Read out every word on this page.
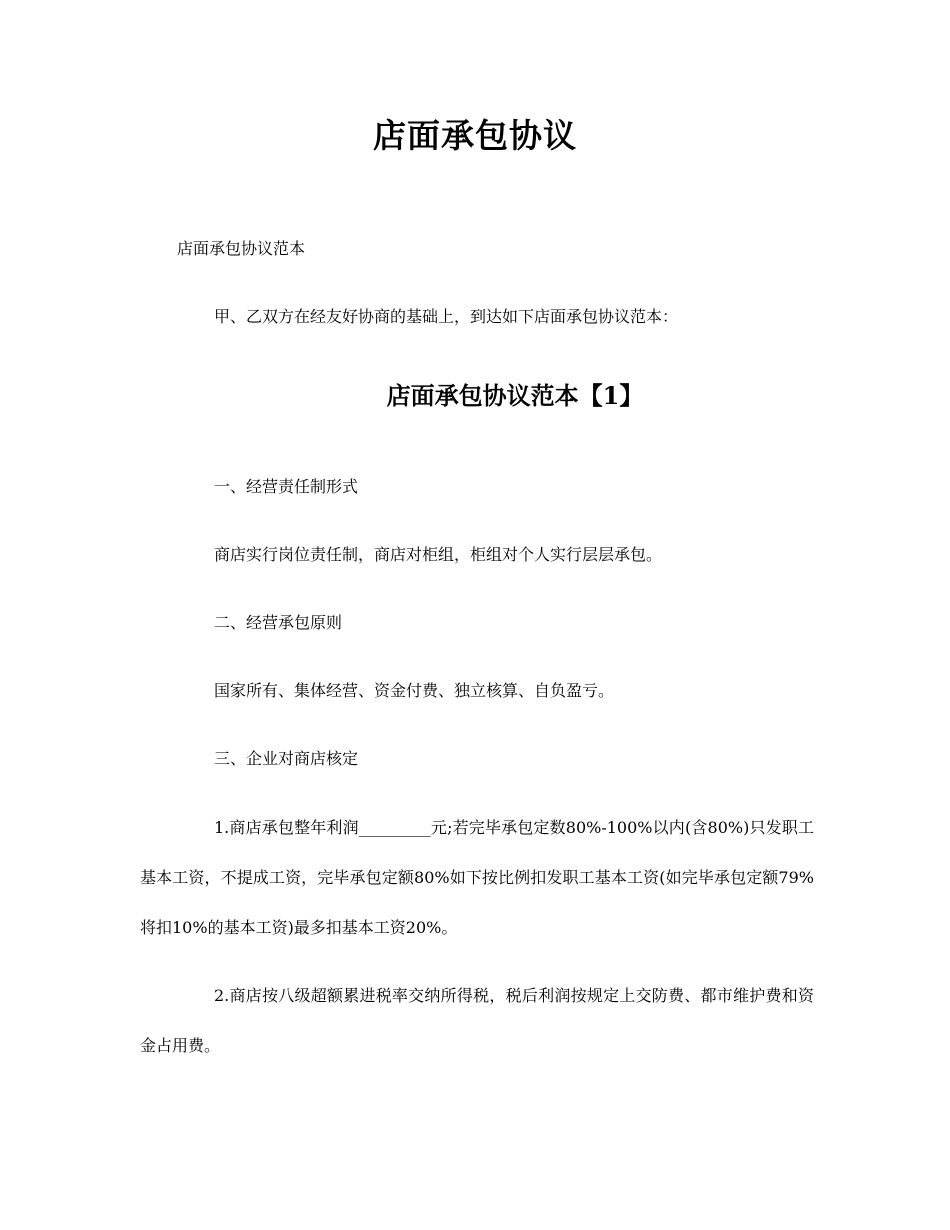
店面承包协议

店面承包协议范本

甲、乙双方在经友好协商的基础上，到达如下店面承包协议范本：

店面承包协议范本【1】

一、经营责任制形式

商店实行岗位责任制，商店对柜组，柜组对个人实行层层承包。

二、经营承包原则

国家所有、集体经营、资金付费、独立核算、自负盈亏。

三、企业对商店核定

1.商店承包整年利润_________元;若完毕承包定数80%-100%以内(含80%)只发职工基本工资，不提成工资，完毕承包定额80%如下按比例扣发职工基本工资(如完毕承包定额79%将扣10%的基本工资)最多扣基本工资20%。

2.商店按八级超额累进税率交纳所得税，税后利润按规定上交防费、都市维护费和资金占用费。
